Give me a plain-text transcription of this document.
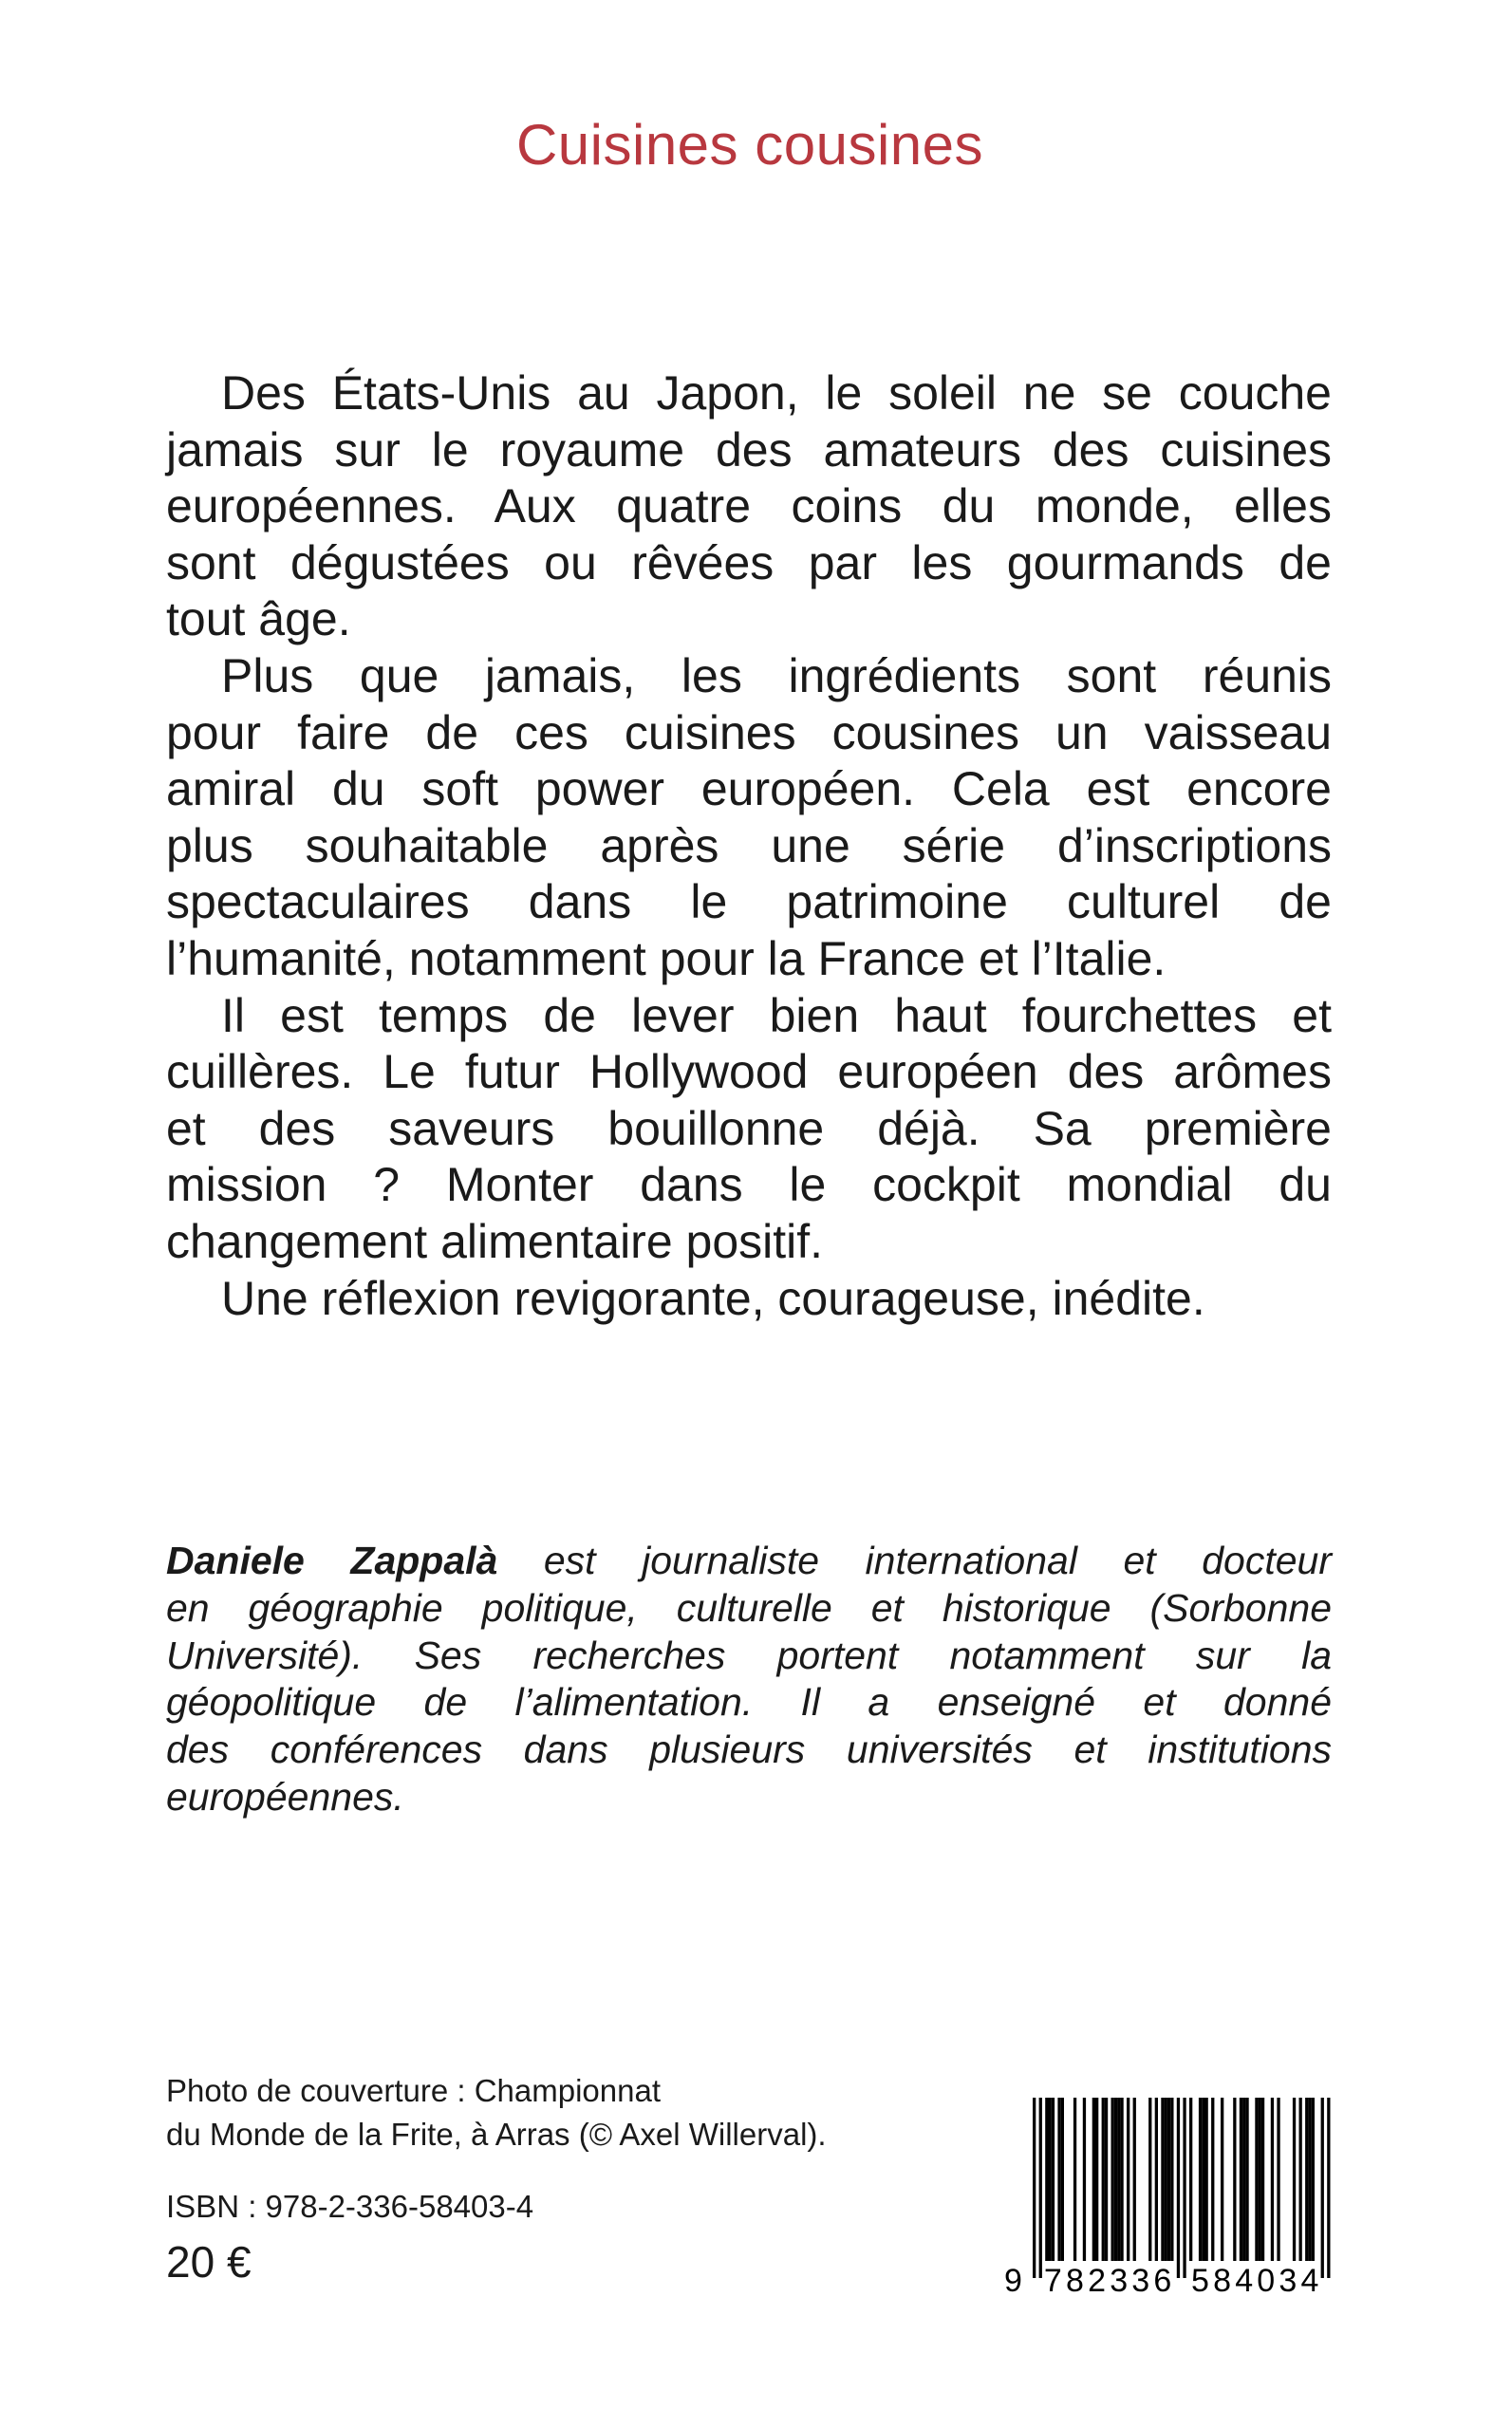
Cuisines cousines
Des États-Unis au Japon, le soleil ne se couche
jamais sur le royaume des amateurs des cuisines
européennes. Aux quatre coins du monde, elles
sont dégustées ou rêvées par les gourmands de
tout âge.
Plus que jamais, les ingrédients sont réunis
pour faire de ces cuisines cousines un vaisseau
amiral du soft power européen. Cela est encore
plus souhaitable après une série d’inscriptions
spectaculaires dans le patrimoine culturel de
l’humanité, notamment pour la France et l’Italie.
Il est temps de lever bien haut fourchettes et
cuillères. Le futur Hollywood européen des arômes
et des saveurs bouillonne déjà. Sa première
mission ? Monter dans le cockpit mondial du
changement alimentaire positif.
Une réflexion revigorante, courageuse, inédite.
Daniele Zappalà est journaliste international et docteur
en géographie politique, culturelle et historique (Sorbonne
Université). Ses recherches portent notamment sur la
géopolitique de l’alimentation. Il a enseigné et donné
des conférences dans plusieurs universités et institutions
européennes.
Photo de couverture : Championnat
du Monde de la Frite, à Arras (© Axel Willerval).
ISBN : 978-2-336-58403-4
20 €	9 7 8 2 3 3 6 5 8 4 0 3 4
